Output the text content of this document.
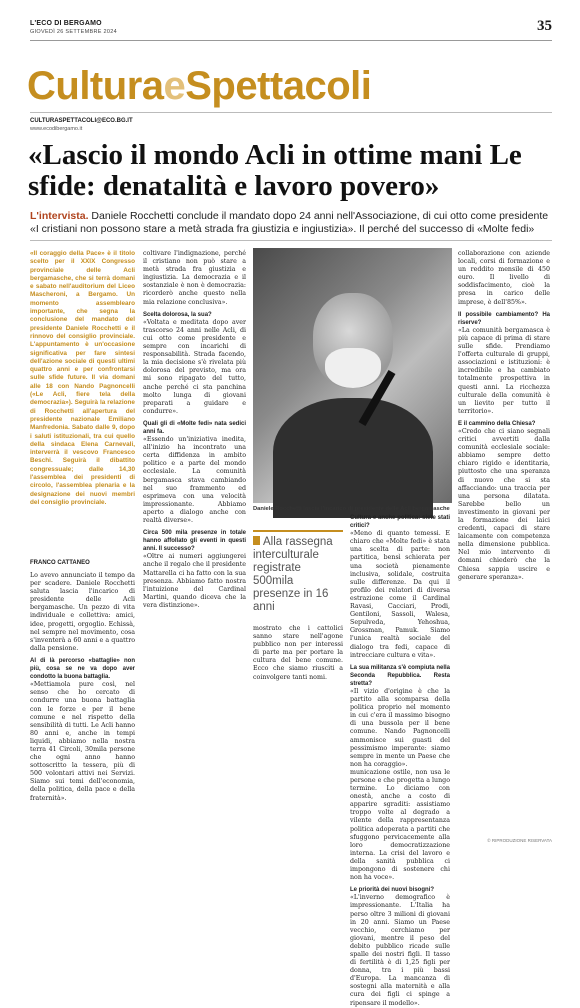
L'ECO DI BERGAMO
GIOVEDÌ 26 SETTEMBRE 2024	35
CulturaeSpettacoli
CULTURASPETTACOLI@ECO.BG.IT
www.ecodibergamo.it
«Lascio il mondo Acli in ottime mani Le sfide: denatalità e lavoro povero»
L'intervista. Daniele Rocchetti conclude il mandato dopo 24 anni nell'Associazione, di cui otto come presidente
«I cristiani non possono stare a metà strada fra giustizia e ingiustizia». Il perché del successo di «Molte fedi»
«Il coraggio della Pace» è il titolo scelto per il XXIX Congresso provinciale delle Acli bergamasche, che si terrà domani e sabato nell'auditorium del Liceo Mascheroni, a Bergamo. Un momento assemblearo importante, che segna la conclusione del mandato del presidente Daniele Rocchetti e il rinnovo del consiglio provinciale. L'appuntamento è un'occasione significativa per fare sintesi dell'azione sociale di questi ultimi quattro anni e per confrontarsi sulle sfide future. Il via domani alle 18 con Nando Pagnoncelli («Le Acli, fiere tela della democrazia»). Seguirà la relazione di Rocchetti all'apertura del presidente nazionale Emiliano Manfredonia. Sabato dalle 9, dopo i saluti istituzionali, tra cui quello della sindaca Elena Carnevali, interverrà il vescovo Francesco Beschi. Seguirà il dibattito congressuale; dalle 14,30 l'assemblea dei presidenti di circolo, l'assemblea plenaria e la designazione dei nuovi membri del consiglio provinciale.
FRANCO CATTANEO

Lo avevo annunciato il tempo da per scadere. Daniele Rocchetti saluta lascia l'incarico di presidente delle Acli bergamasche. Un pezzo di vita individuale e collettiva: amici, idee, progetti, orgoglio. Echissà, nel sempre nel movimento, cosa s'inventerà a 60 anni e a quattro dalla pensione.

Al di là percorso «battaglie» non più, cosa se ne va dopo aver condotto la buona battaglia.

«Mettiamola pure così, nel senso che ho cercato di condurre una buona battaglia con le forze e per il bene comune e nel rispetto della sensibilità di tutti. Le Acli hanno 80 anni e, anche in tempi liquidi, abbiamo nella nostra terra 41 Circoli, 30mila persone che ogni anno hanno sottoscritto la tessera, più di 500 volontari attivi nei Servizi. Siamo sui temi dell'economia, della politica, della pace e della fraternità».

coltivare l'indignazione, perché il cristiano non può stare a metà strada fra giustizia e ingiustizia. La democrazia e il sostanziale è non è democrazia: ricorderò anche questo nella mia relazione conclusiva».

Scelta dolorosa, la sua?

«Voltata e meditata dopo aver trascorso 24 anni nelle Acli, di cui otto come presidente e sempre con incarichi di responsabilità. Strada facendo, la mia decisione s'è rivelata più dolorosa del previsto, ma ora mi sono ripagato del tutto, anche perché ci sta panchina molto lunga di giovani preparati a guidare e condurre».

Quali gli di «Molte fedi» nata sedici anni fa.

«Essendo un'iniziativa inedita, all'inizio ha incontrato una certa diffidenza in ambito politico e a parte del mondo ecclesiale. La comunità bergamasca stava cambiando nel suo frammento ed esprimeva con una velocità impressionante. Abbiamo aperto a dialogo anche con realtà diverse».

Circa 500 mila presenze in totale hanno affollato gli eventi in questi anni. Il successo?

«Oltre ai numeri aggiungerei anche il regalo che il presidente Mattarella ci ha fatto con la sua presenza. Abbiamo fatto nostra l'intuizione del Cardinal Martini, quando diceva che la vera distinzione».

Daniele Rocchetti lascia l'incarico di presidente delle Acli bergamasche
Alla rassegna interculturale registrate 500mila presenze in 16 anni

mostrato che i cattolici sanno stare nell'agone pubblico non per interessi di parte ma per portare la cultura del bene comune. Ecco che siamo riusciti a coinvolgere tanti nomi.

Cultura e anche politica: siete stati critici?

«Meno di quanto temessi. E chiaro che «Molte fedi» è stata una scelta di parte: non partitica, bensì schierata per una società pienamente inclusiva, solidale, costruita sulle differenze. Da qui il profilo dei relatori di diversa estrazione come il Cardinal Ravasi, Cacciari, Prodi, Gentiloni, Sassoli, Walesa, Sepulveda, Yehoshua, Grossman, Pamuk. Siamo l'unica realtà sociale del dialogo tra fedi, capace di intrecciare cultura e vita».

La sua militanza s'è compiuta nella Seconda Repubblica. Resta stretta?

«Il vizio d'origine è che la partito alla scomparsa della politica proprio nel momento in cui c'era il massimo bisogno di una bussola per il bene comune. Nando Pagnoncelli ammonisce sui guasti del pessimismo imperante: siamo sempre in mente un Paese che non ha coraggio».

municazione ostile, non usa le persone e che progetta a lungo termine. Lo diciamo con onestà, anche a costo di apparire sgraditi: assistiamo troppo volte al degrado a vilente della rappresentanza politica adoperata a partiti che sfuggono pervicacemente alla loro democratizzazione interna. La crisi del lavoro e della sanità pubblica ci impongono di sostenere chi non ha voce».

Le priorità dei nuovi bisogni?

«L'inverno demografico è impressionante. L'Italia ha perso oltre 3 milioni di giovani in 20 anni. Siamo un Paese vecchio, cerchiamo per giovani, mentre il peso del debito pubblico ricade sulle spalle dei nostri figli. Il tasso di fertilità è di 1,25 figli per donna, tra i più bassi d'Europa. La mancanza di sostegni alla maternità e alla cura dei figli ci spinge a ripensare il modello».

collaborazione con aziende locali, corsi di formazione e un reddito mensile di 450 euro. Il livello di soddisfacimento, cioè la presa in carico delle imprese, è dell'85%».

Il possibile cambiamento? Ha riserve?

«La comunità bergamasca è più capace di prima di stare sulle sfide. Prendiamo l'offerta culturale di gruppi, associazioni e istituzioni: è incredibile e ha cambiato totalmente prospettiva in questi anni. La ricchezza culturale della comunità è un lievito per tutto il territorio».

E il cammino della Chiesa?

«Credo che ci siano segnali critici avvertiti dalla comunità ecclesiale sociale: abbiamo sempre detto chiaro rigido e identitaria, piuttosto che una speranza di nuovo che si sta affacciando: una traccia per una persona dilatata. Sarebbe bello un investimento in giovani per la formazione dei laici credenti, capaci di stare laicamente con competenza nella dimensione pubblica. Nel mio intervento di domani chiederò che la Chiesa sappia uscire e generare speranza».

© RIPRODUZIONE RISERVATA
